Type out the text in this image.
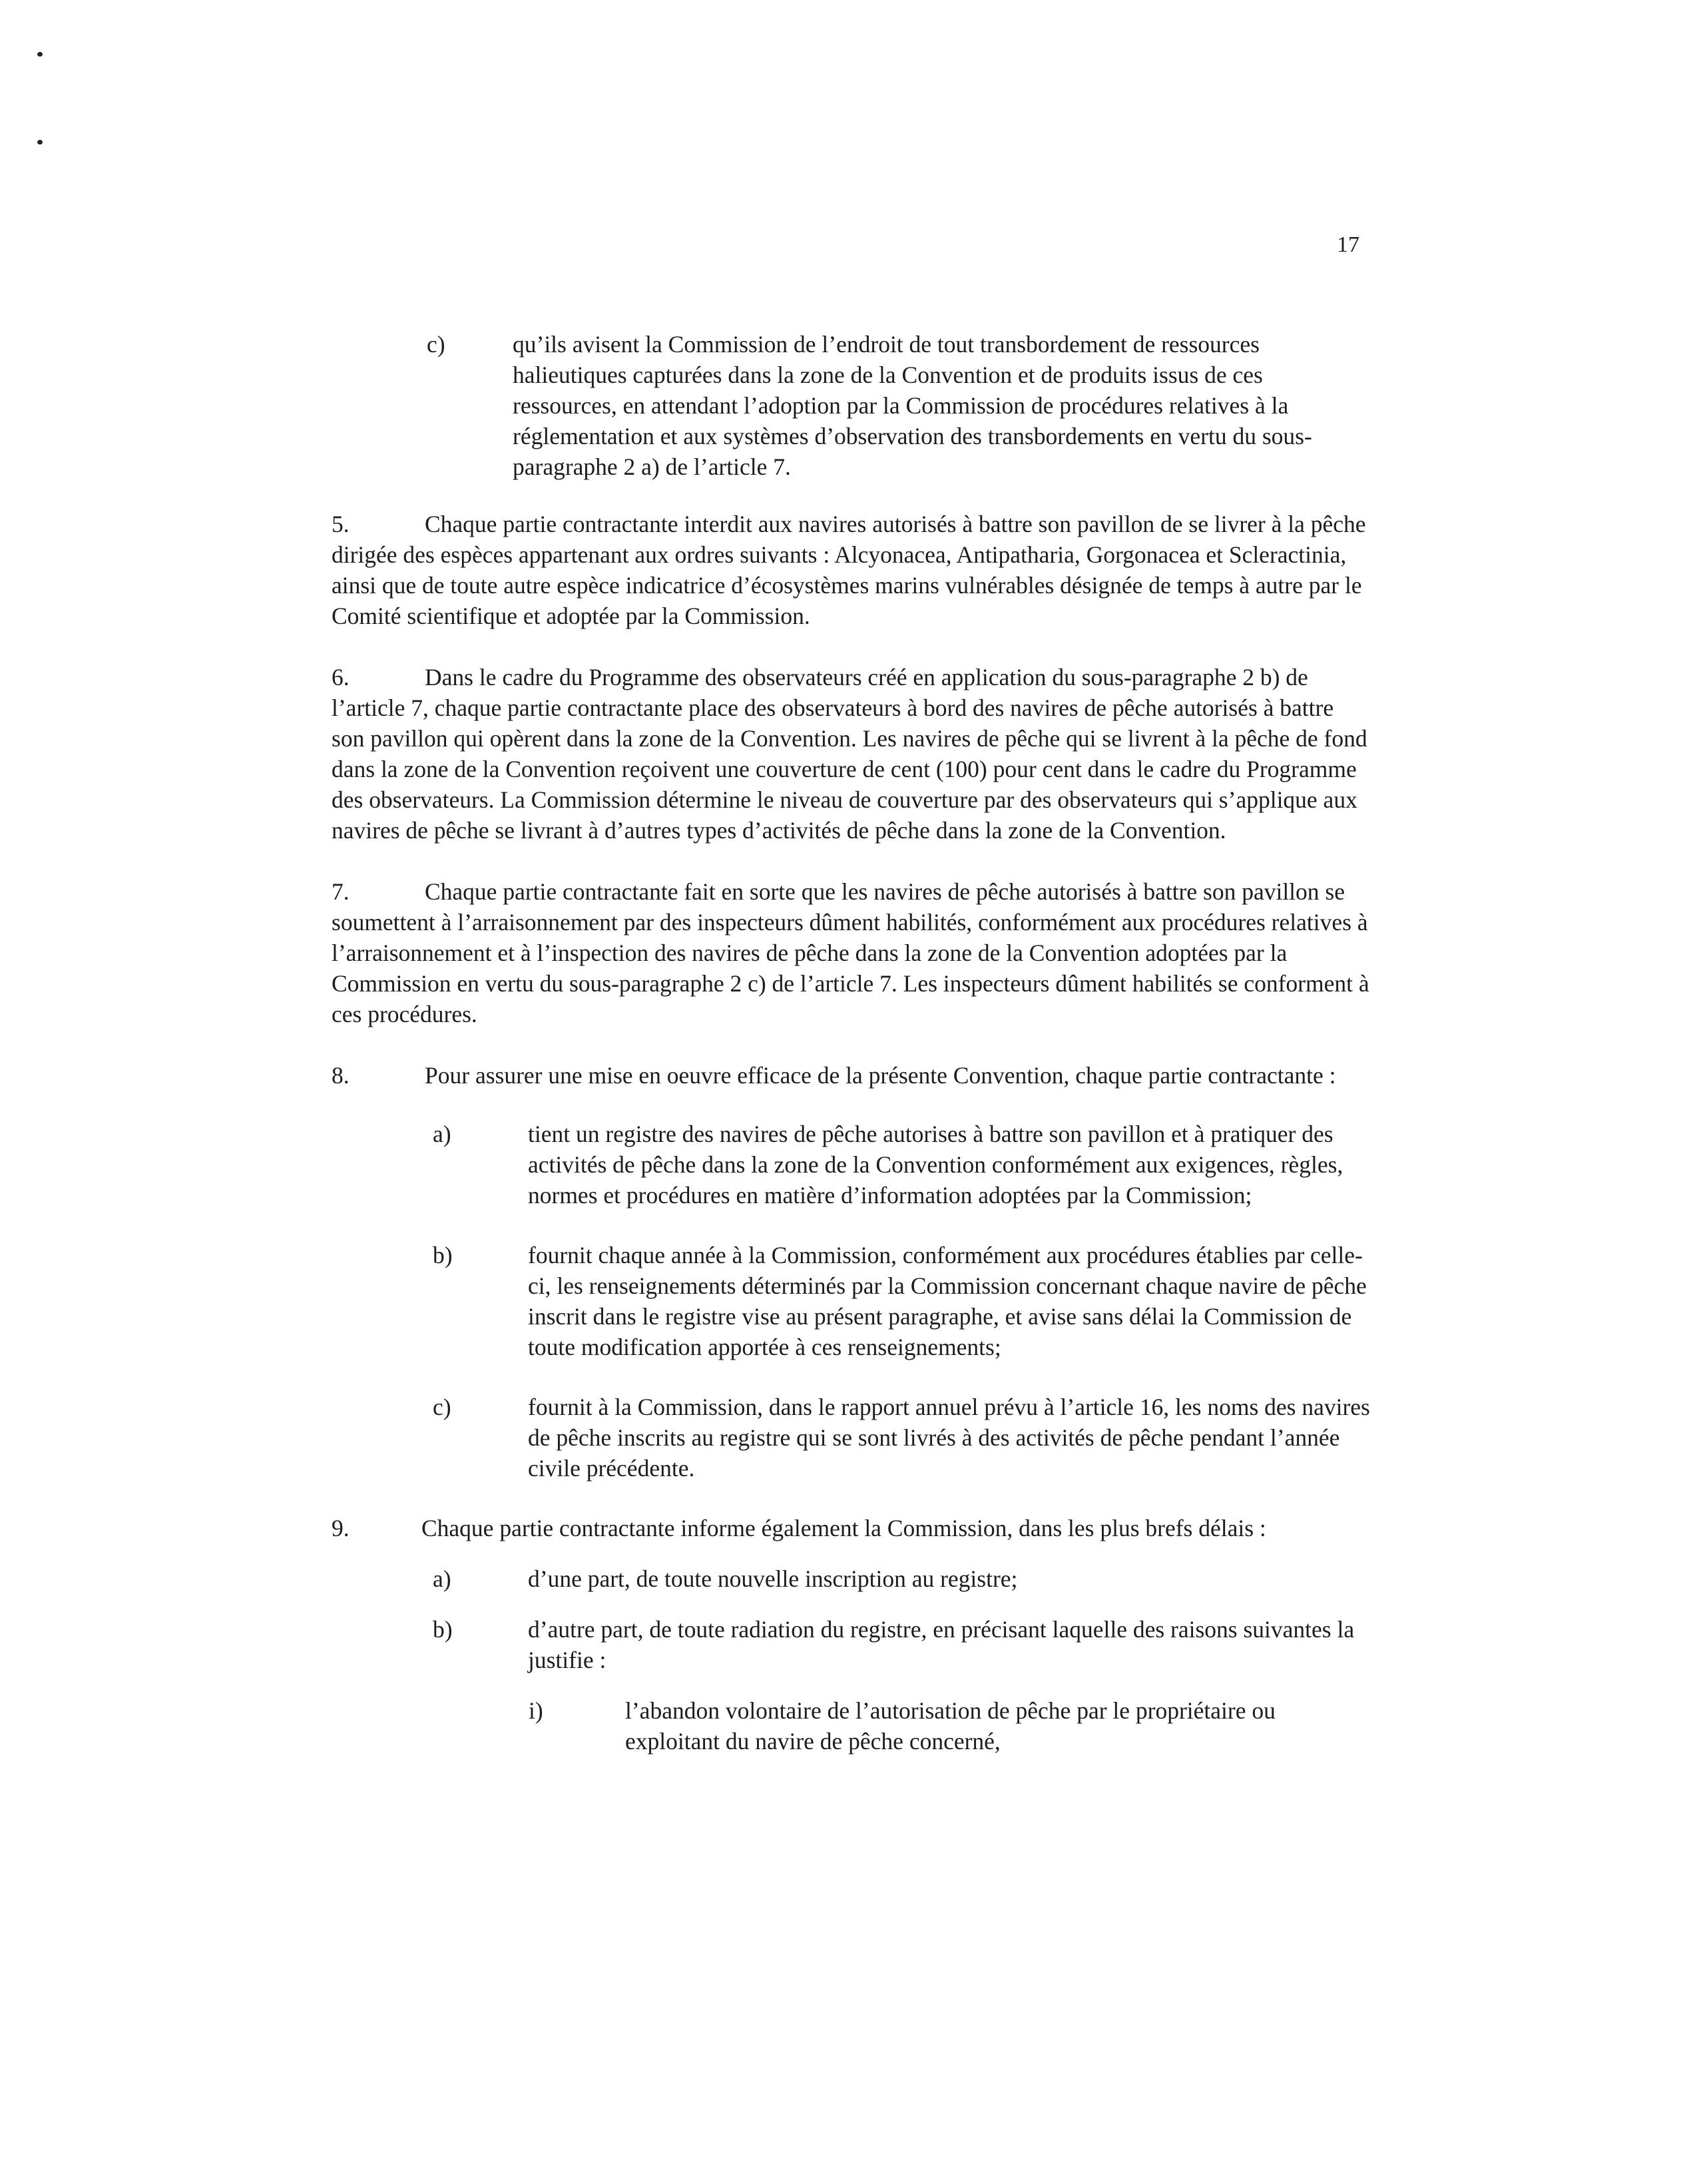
17
c)	qu’ils avisent la Commission de l’endroit de tout transbordement de ressources halieutiques capturées dans la zone de la Convention et de produits issus de ces ressources, en attendant l’adoption par la Commission de procédures relatives à la réglementation et aux systèmes d’observation des transbordements en vertu du sous-paragraphe 2 a) de l’article 7.
5.	Chaque partie contractante interdit aux navires autorisés à battre son pavillon de se livrer à la pêche dirigée des espèces appartenant aux ordres suivants : Alcyonacea, Antipatharia, Gorgonacea et Scleractinia, ainsi que de toute autre espèce indicatrice d’écosystèmes marins vulnérables désignée de temps à autre par le Comité scientifique et adoptée par la Commission.
6.	Dans le cadre du Programme des observateurs créé en application du sous-paragraphe 2 b) de l’article 7, chaque partie contractante place des observateurs à bord des navires de pêche autorisés à battre son pavillon qui opèrent dans la zone de la Convention. Les navires de pêche qui se livrent à la pêche de fond dans la zone de la Convention reçoivent une couverture de cent (100) pour cent dans le cadre du Programme des observateurs. La Commission détermine le niveau de couverture par des observateurs qui s’applique aux navires de pêche se livrant à d’autres types d’activités de pêche dans la zone de la Convention.
7.	Chaque partie contractante fait en sorte que les navires de pêche autorisés à battre son pavillon se soumettent à l’arraisonnement par des inspecteurs dûment habilités, conformément aux procédures relatives à l’arraisonnement et à l’inspection des navires de pêche dans la zone de la Convention adoptées par la Commission en vertu du sous-paragraphe 2 c) de l’article 7. Les inspecteurs dûment habilités se conforment à ces procédures.
8.	Pour assurer une mise en oeuvre efficace de la présente Convention, chaque partie contractante :
a)	tient un registre des navires de pêche autorises à battre son pavillon et à pratiquer des activités de pêche dans la zone de la Convention conformément aux exigences, règles, normes et procédures en matière d’information adoptées par la Commission;
b)	fournit chaque année à la Commission, conformément aux procédures établies par celle-ci, les renseignements déterminés par la Commission concernant chaque navire de pêche inscrit dans le registre vise au présent paragraphe, et avise sans délai la Commission de toute modification apportée à ces renseignements;
c)	fournit à la Commission, dans le rapport annuel prévu à l’article 16, les noms des navires de pêche inscrits au registre qui se sont livrés à des activités de pêche pendant l’année civile précédente.
9.	Chaque partie contractante informe également la Commission, dans les plus brefs délais :
a)	d’une part, de toute nouvelle inscription au registre;
b)	d’autre part, de toute radiation du registre, en précisant laquelle des raisons suivantes la justifie :
i)	l’abandon volontaire de l’autorisation de pêche par le propriétaire ou exploitant du navire de pêche concerné,
